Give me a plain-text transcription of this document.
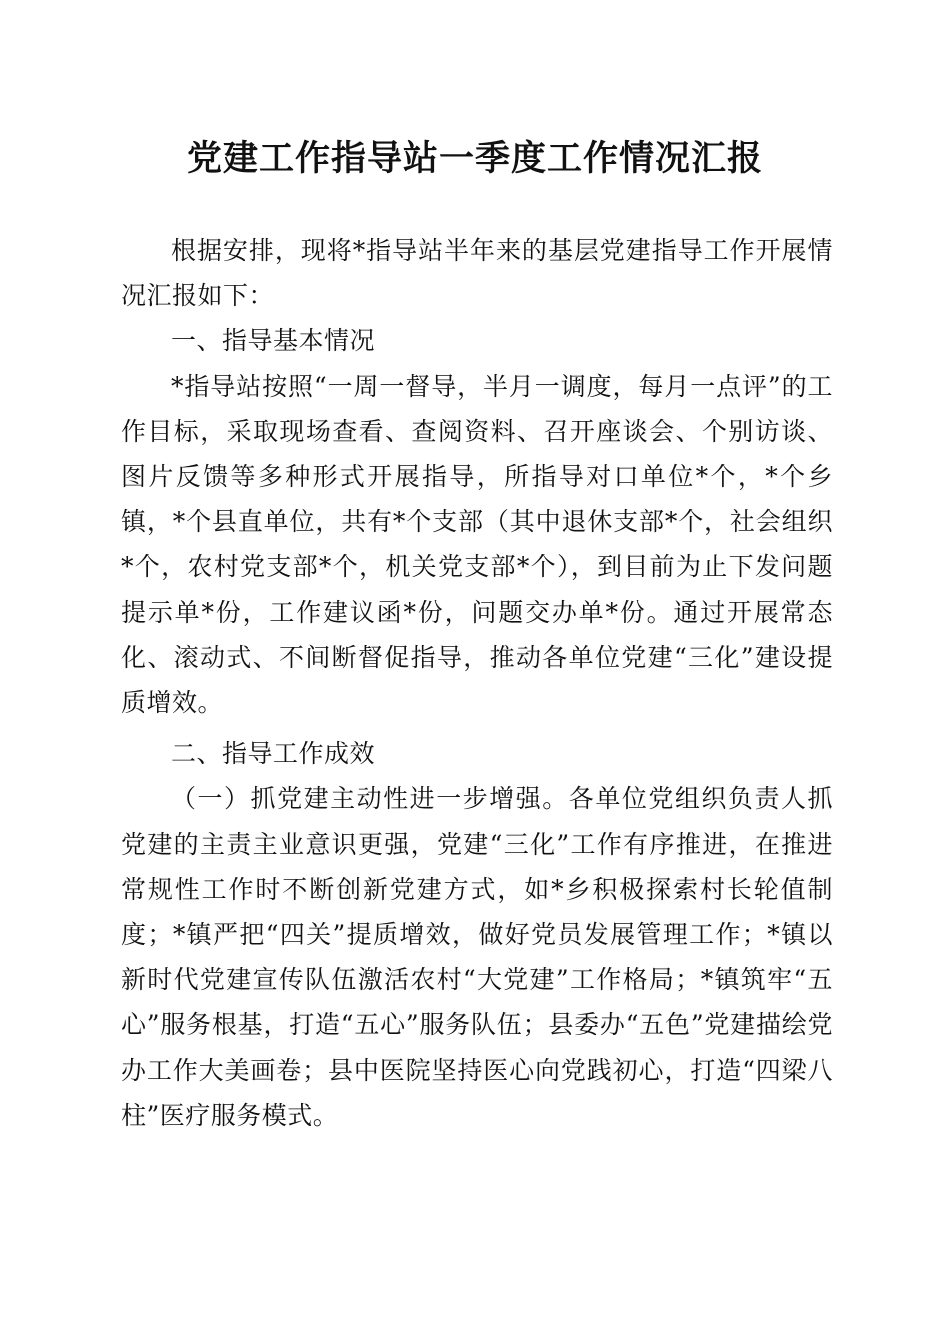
党建工作指导站一季度工作情况汇报

根据安排，现将*指导站半年来的基层党建指导工作开展情况汇报如下：

一、指导基本情况

*指导站按照“一周一督导，半月一调度，每月一点评”的工作目标，采取现场查看、查阅资料、召开座谈会、个别访谈、图片反馈等多种形式开展指导，所指导对口单位*个，*个乡镇，*个县直单位，共有*个支部（其中退休支部*个，社会组织*个，农村党支部*个，机关党支部*个），到目前为止下发问题提示单*份，工作建议函*份，问题交办单*份。通过开展常态化、滚动式、不间断督促指导，推动各单位党建“三化”建设提质增效。

二、指导工作成效

（一）抓党建主动性进一步增强。各单位党组织负责人抓党建的主责主业意识更强，党建“三化”工作有序推进，在推进常规性工作时不断创新党建方式，如*乡积极探索村长轮值制度；*镇严把“四关”提质增效，做好党员发展管理工作；*镇以新时代党建宣传队伍激活农村“大党建”工作格局；*镇筑牢“五心”服务根基，打造“五心”服务队伍；县委办“五色”党建描绘党办工作大美画卷；县中医院坚持医心向党践初心，打造“四梁八柱”医疗服务模式。
